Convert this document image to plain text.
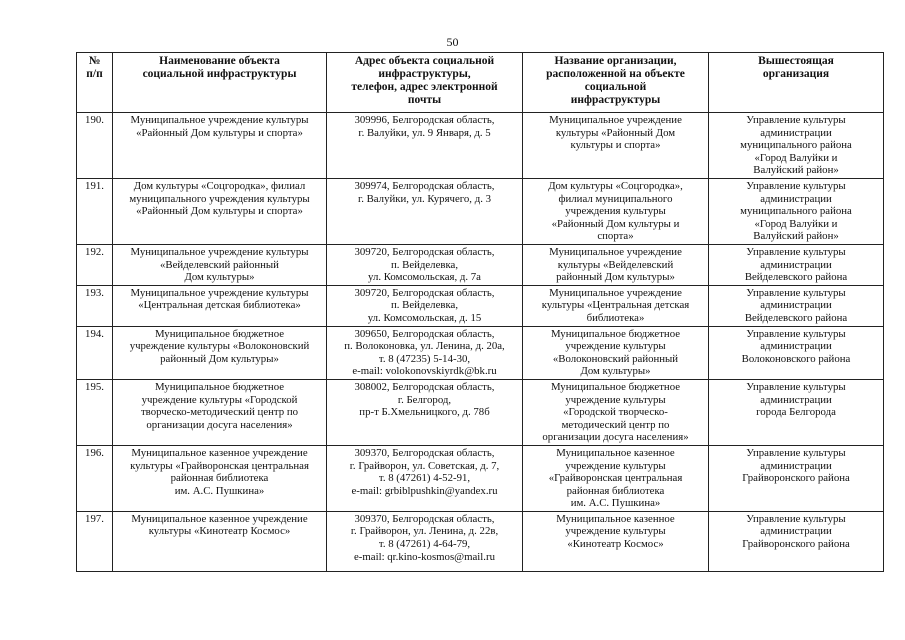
50
№
п/п	Наименование объекта
социальной инфраструктуры	Адрес объекта социальной
инфраструктуры,
телефон, адрес электронной
почты	Название организации,
расположенной на объекте
социальной
инфраструктуры	Вышестоящая
организация

190.	Муниципальное учреждение культуры
«Районный Дом культуры и спорта»	309996, Белгородская область,
г. Валуйки, ул. 9 Января, д. 5	Муниципальное учреждение
культуры «Районный Дом
культуры и спорта»	Управление культуры
администрации
муниципального района
«Город Валуйки и
Валуйский район»

191.	Дом культуры «Соцгородка», филиал
муниципального учреждения культуры
«Районный Дом культуры и спорта»	309974, Белгородская область,
г. Валуйки, ул. Курячего, д. 3	Дом культуры «Соцгородка»,
филиал муниципального
учреждения культуры
«Районный Дом культуры и
спорта»	Управление культуры
администрации
муниципального района
«Город Валуйки и
Валуйский район»

192.	Муниципальное учреждение культуры
«Вейделевский районный
Дом культуры»	309720, Белгородская область,
п. Вейделевка,
ул. Комсомольская, д. 7а	Муниципальное учреждение
культуры «Вейделевский
районный Дом культуры»	Управление культуры
администрации
Вейделевского района

193.	Муниципальное учреждение культуры
«Центральная детская библиотека»	309720, Белгородская область,
п. Вейделевка,
ул. Комсомольская, д. 15	Муниципальное учреждение
культуры «Центральная детская
библиотека»	Управление культуры
администрации
Вейделевского района

194.	Муниципальное бюджетное
учреждение культуры «Волоконовский
районный Дом культуры»	309650, Белгородская область,
п. Волоконовка, ул. Ленина, д. 20а,
т. 8 (47235) 5-14-30,
e-mail: volokonovskiyrdk@bk.ru	Муниципальное бюджетное
учреждение культуры
«Волоконовский районный
Дом культуры»	Управление культуры
администрации
Волоконовского района

195.	Муниципальное бюджетное
учреждение культуры «Городской
творческо-методический центр по
организации досуга населения»	308002, Белгородская область,
г. Белгород,
пр-т Б.Хмельницкого, д. 78б	Муниципальное бюджетное
учреждение культуры
«Городской творческо-
методический центр по
организации досуга населения»	Управление культуры
администрации
города Белгорода

196.	Муниципальное казенное учреждение
культуры «Грайворонская центральная
районная библиотека
им. А.С. Пушкина»	309370, Белгородская область,
г. Грайворон, ул. Советская, д. 7,
т. 8 (47261) 4-52-91,
e-mail: grbiblpushkin@yandex.ru	Муниципальное казенное
учреждение культуры
«Грайворонская центральная
районная библиотека
им. А.С. Пушкина»	Управление культуры
администрации
Грайворонского района

197.	Муниципальное казенное учреждение
культуры «Кинотеатр Космос»	309370, Белгородская область,
г. Грайворон, ул. Ленина, д. 22в,
т. 8 (47261) 4-64-79,
e-mail: qr.kino-kosmos@mail.ru	Муниципальное казенное
учреждение культуры
«Кинотеатр Космос»	Управление культуры
администрации
Грайворонского района
